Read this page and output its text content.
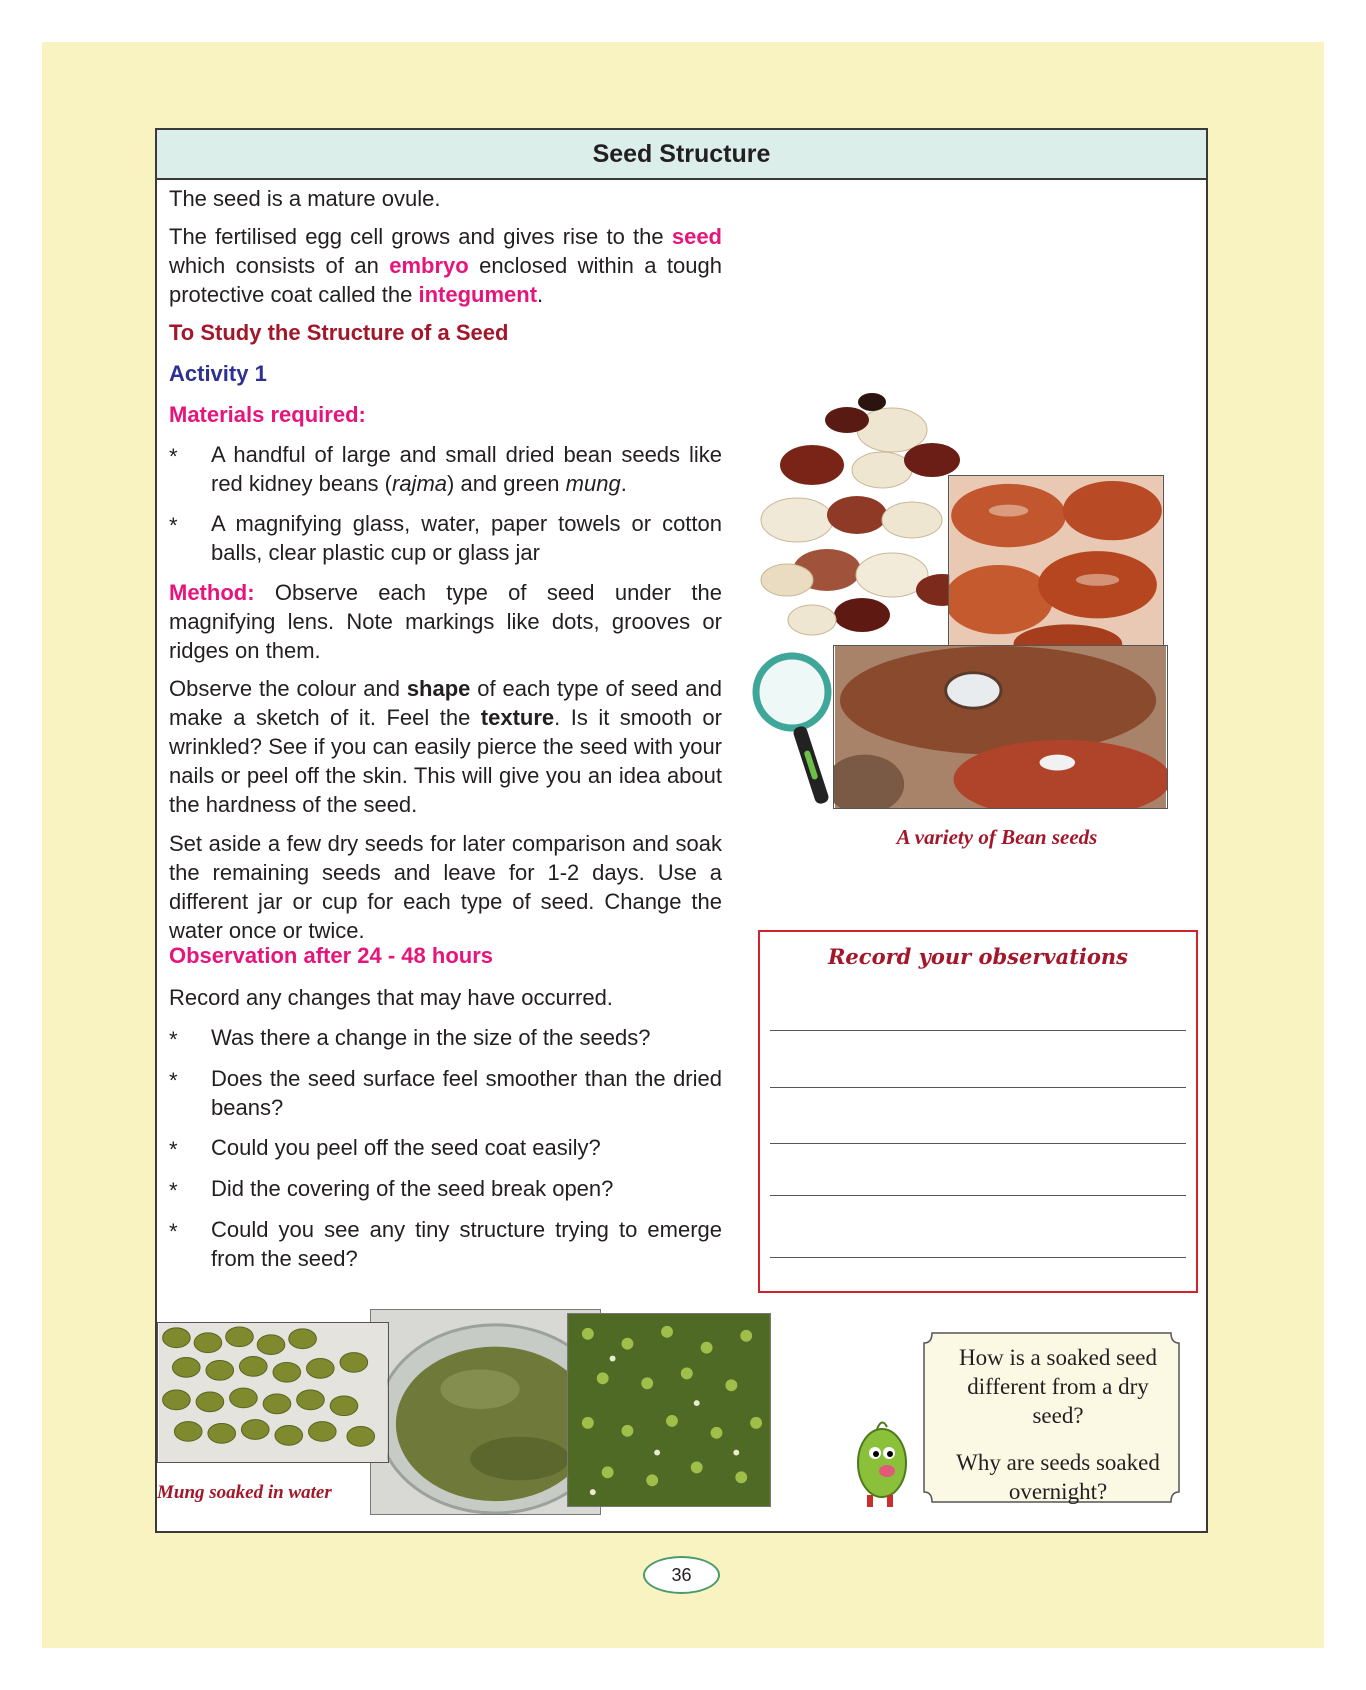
Seed Structure
The seed is a mature ovule.
The fertilised egg cell grows and gives rise to the seed which consists of an embryo enclosed within a tough protective coat called the integument.
To Study the Structure of a Seed
Activity 1
Materials required:
*	A handful of large and small dried bean seeds like red kidney beans (rajma) and green mung.
*	A magnifying glass, water, paper towels or cotton balls, clear plastic cup or glass jar
Method: Observe each type of seed under the magnifying lens. Note markings like dots, grooves or ridges on them.
Observe the colour and shape of each type of seed and make a sketch of it. Feel the texture. Is it smooth or wrinkled? See if you can easily pierce the seed with your nails or peel off the skin. This will give you an idea about the hardness of the seed.
Set aside a few dry seeds for later comparison and soak the remaining seeds and leave for 1-2 days. Use a different jar or cup for each type of seed. Change the water once or twice.
Observation after 24 - 48 hours
Record any changes that may have occurred.
*	Was there a change in the size of the seeds?
*	Does the seed surface feel smoother than the dried beans?
*	Could you peel off the seed coat easily?
*	Did the covering of the seed break open?
*	Could you see any tiny structure trying to emerge from the seed?
A variety of Bean seeds
Record your observations
Mung soaked in water
How is a soaked seed different from a dry seed?
Why are seeds soaked overnight?
36
